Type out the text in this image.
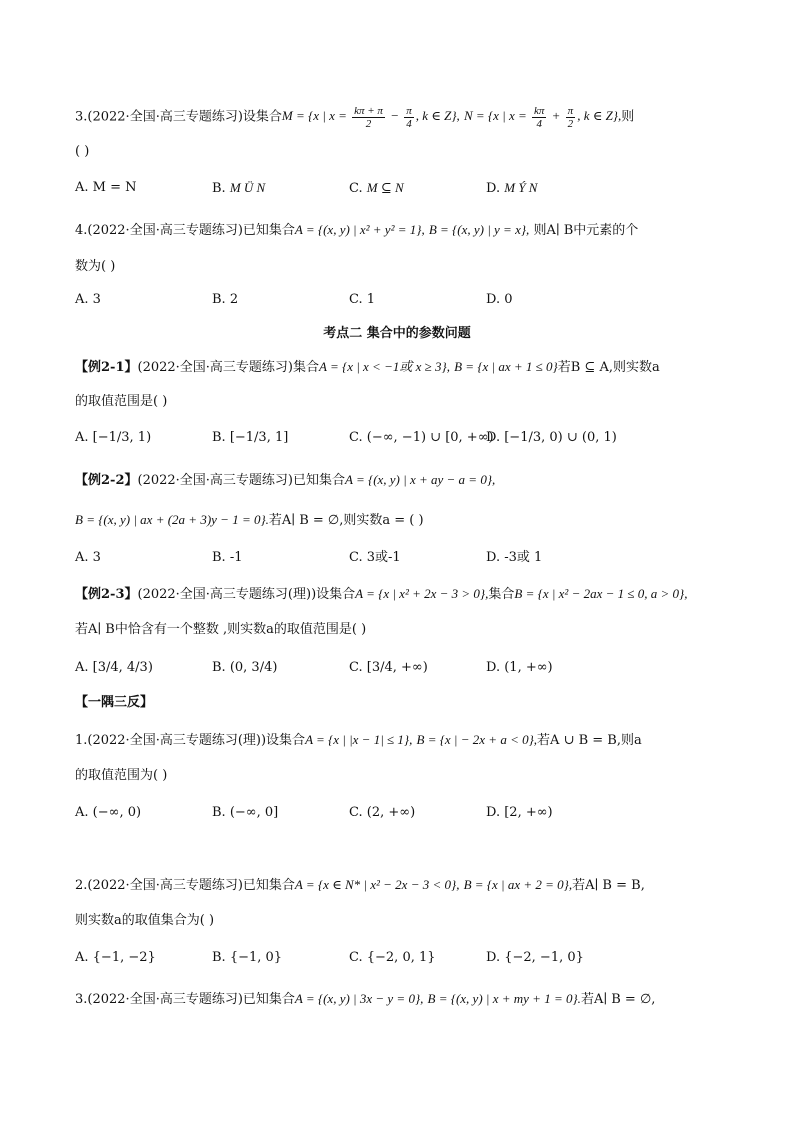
3.(2022·全国·高三专题练习)设集合M = {x | $x = \frac{k\pi + \pi}{2} - \frac{\pi}{4}$ , k ∈ Z}, N = {x | $x = \frac{k\pi}{4} + \frac{\pi}{2}$ , k ∈ Z},则
( )
A. M = N	B. M Ü N	C. M ⊆ N	D. M Ý N
4.(2022·全国·高三专题练习)已知集合A = {(x, y) | x² + y² = 1}, B = {(x, y) | y = x}, 则A∣ B中元素的个
数为( )
A. 3	B. 2	C. 1	D. 0
考点二 集合中的参数问题
【例2-1】(2022·全国·高三专题练习)集合A = {x | x < −1或 x ≥ 3}, B = {x | ax + 1 ≤ 0}若B ⊆ A,则实数a
的取值范围是( )
A. [−1/3, 1)	B. [−1/3, 1]	C. (−∞, −1) ∪ [0, +∞)
D. [−1/3, 0) ∪ (0, 1)
【例2-2】(2022·全国·高三专题练习)已知集合A = {(x, y) | x + ay − a = 0},
B = {(x, y) | ax + (2a + 3)y − 1 = 0}.若A∣ B = ∅,则实数a = ( )
A. 3	B. -1	C. 3或-1	D. -3或 1
【例2-3】(2022·全国·高三专题练习(理))设集合A = {x | x² + 2x − 3 > 0},集合B = {x | x² − 2ax − 1 ≤ 0, a > 0},
若A∣ B中恰含有一个整数 ,则实数a的取值范围是( )
A. [3/4, 4/3)	B. (0, 3/4)	C. [3/4, +∞)	D. (1, +∞)
【一隅三反】
1.(2022·全国·高三专题练习(理))设集合A = {x | |x − 1| ≤ 1}, B = {x | − 2x + a < 0},若A ∪ B = B,则a
的取值范围为( )
A. (−∞, 0)	B. (−∞, 0]	C. (2, +∞)	D. [2, +∞)
2.(2022·全国·高三专题练习)已知集合A = {x ∈ N* | x² − 2x − 3 < 0}, B = {x | ax + 2 = 0},若A∣ B = B,
则实数a的取值集合为( )
A. {−1, −2}	B. {−1, 0}	C. {−2, 0, 1}	D. {−2, −1, 0}
3.(2022·全国·高三专题练习)已知集合A = {(x, y) | 3x − y = 0}, B = {(x, y) | x + my + 1 = 0}.若A∣ B = ∅,
